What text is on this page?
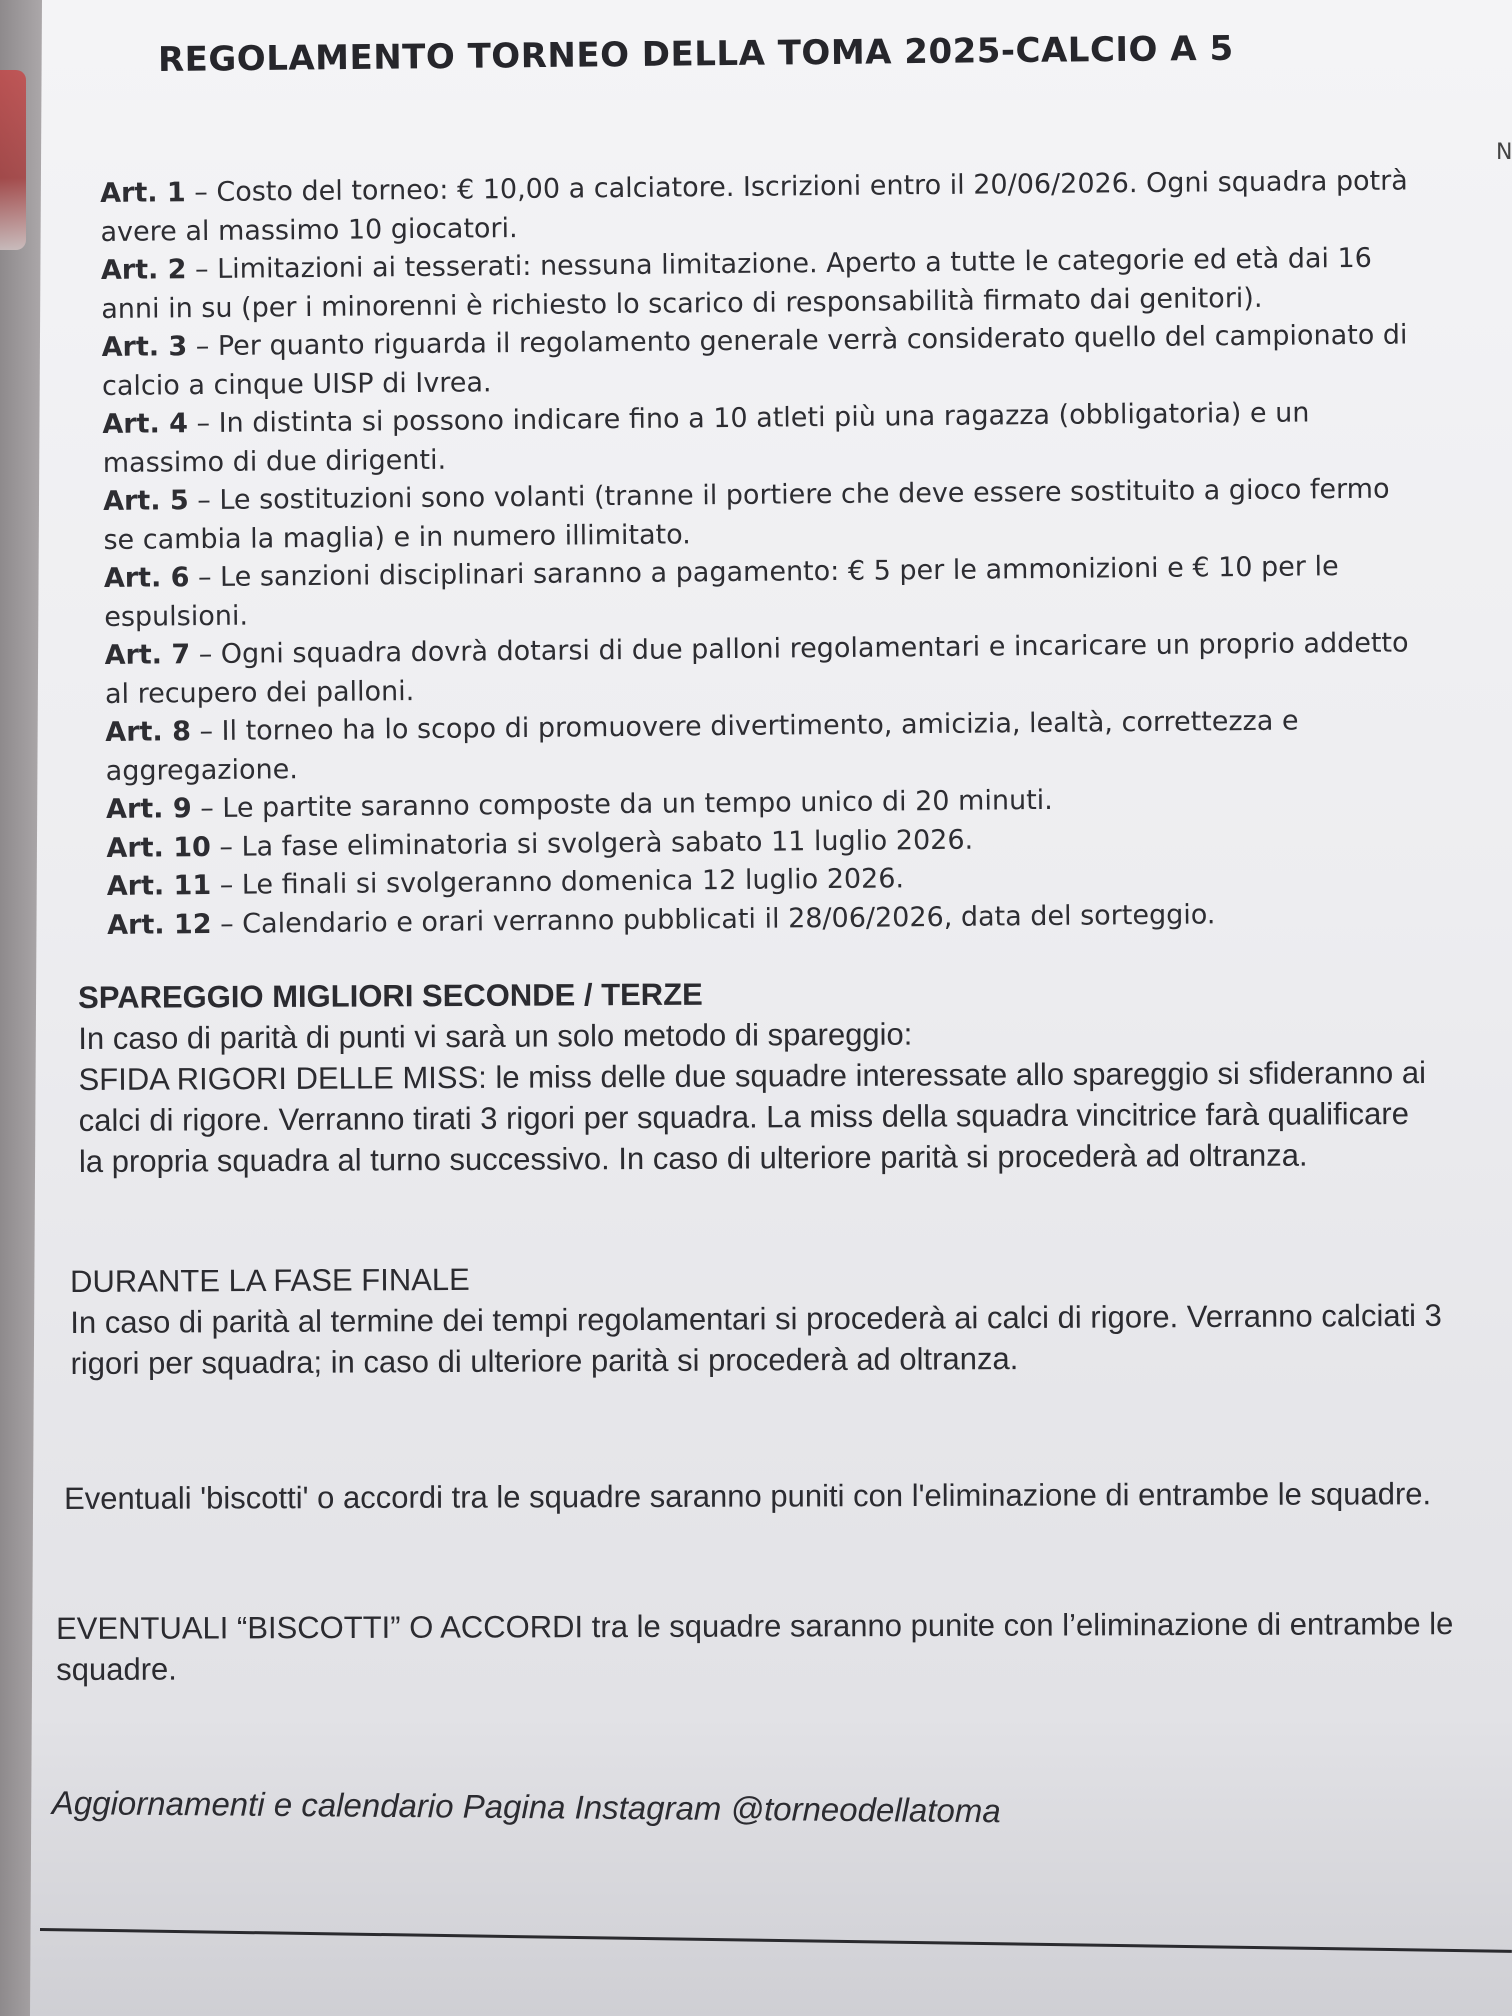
REGOLAMENTO TORNEO DELLA TOMA 2025-CALCIO A 5
N

Art. 1 – Costo del torneo: € 10,00 a calciatore. Iscrizioni entro il 20/06/2026. Ogni squadra potrà avere al massimo 10 giocatori.

Art. 2 – Limitazioni ai tesserati: nessuna limitazione. Aperto a tutte le categorie ed età dai 16 anni in su (per i minorenni è richiesto lo scarico di responsabilità firmato dai genitori).

Art. 3 – Per quanto riguarda il regolamento generale verrà considerato quello del campionato di calcio a cinque UISP di Ivrea.

Art. 4 – In distinta si possono indicare fino a 10 atleti più una ragazza (obbligatoria) e un massimo di due dirigenti.

Art. 5 – Le sostituzioni sono volanti (tranne il portiere che deve essere sostituito a gioco fermo se cambia la maglia) e in numero illimitato.

Art. 6 – Le sanzioni disciplinari saranno a pagamento: € 5 per le ammonizioni e € 10 per le espulsioni.

Art. 7 – Ogni squadra dovrà dotarsi di due palloni regolamentari e incaricare un proprio addetto al recupero dei palloni.

Art. 8 – Il torneo ha lo scopo di promuovere divertimento, amicizia, lealtà, correttezza e aggregazione.

Art. 9 – Le partite saranno composte da un tempo unico di 20 minuti.

Art. 10 – La fase eliminatoria si svolgerà sabato 11 luglio 2026.

Art. 11 – Le finali si svolgeranno domenica 12 luglio 2026.

Art. 12 – Calendario e orari verranno pubblicati il 28/06/2026, data del sorteggio.

SPAREGGIO MIGLIORI SECONDE / TERZE
In caso di parità di punti vi sarà un solo metodo di spareggio:
SFIDA RIGORI DELLE MISS: le miss delle due squadre interessate allo spareggio si sfideranno ai calci di rigore. Verranno tirati 3 rigori per squadra. La miss della squadra vincitrice farà qualificare la propria squadra al turno successivo. In caso di ulteriore parità si procederà ad oltranza.
DURANTE LA FASE FINALE
In caso di parità al termine dei tempi regolamentari si procederà ai calci di rigore. Verranno calciati 3 rigori per squadra; in caso di ulteriore parità si procederà ad oltranza.
Eventuali 'biscotti' o accordi tra le squadre saranno puniti con l'eliminazione di entrambe le squadre.
EVENTUALI “BISCOTTI” O ACCORDI tra le squadre saranno punite con l’eliminazione di entrambe le squadre.
Aggiornamenti e calendario Pagina Instagram @torneodellatoma
